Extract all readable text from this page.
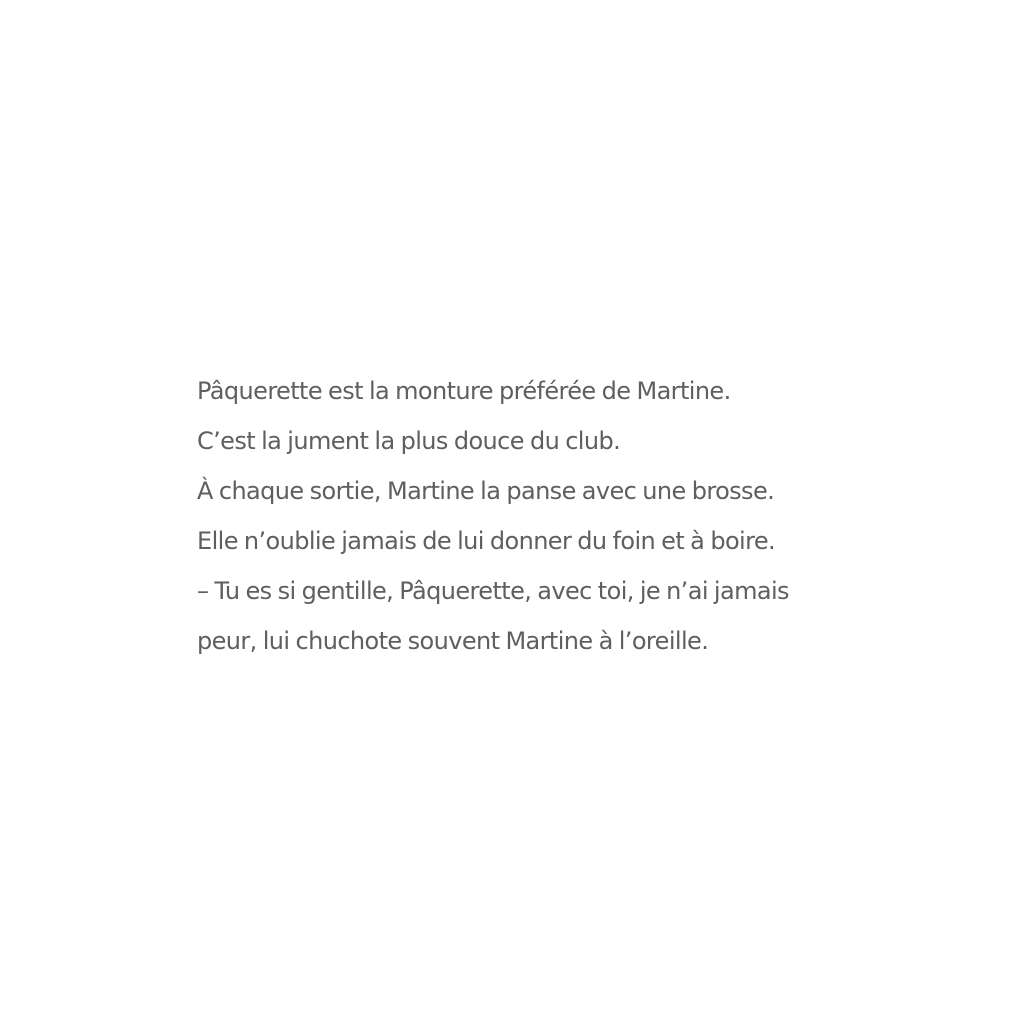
Pâquerette est la monture préférée de Martine.
C’est la jument la plus douce du club.
À chaque sortie, Martine la panse avec une brosse.
Elle n’oublie jamais de lui donner du foin et à boire.
– Tu es si gentille, Pâquerette, avec toi, je n’ai jamais
peur, lui chuchote souvent Martine à l’oreille.
